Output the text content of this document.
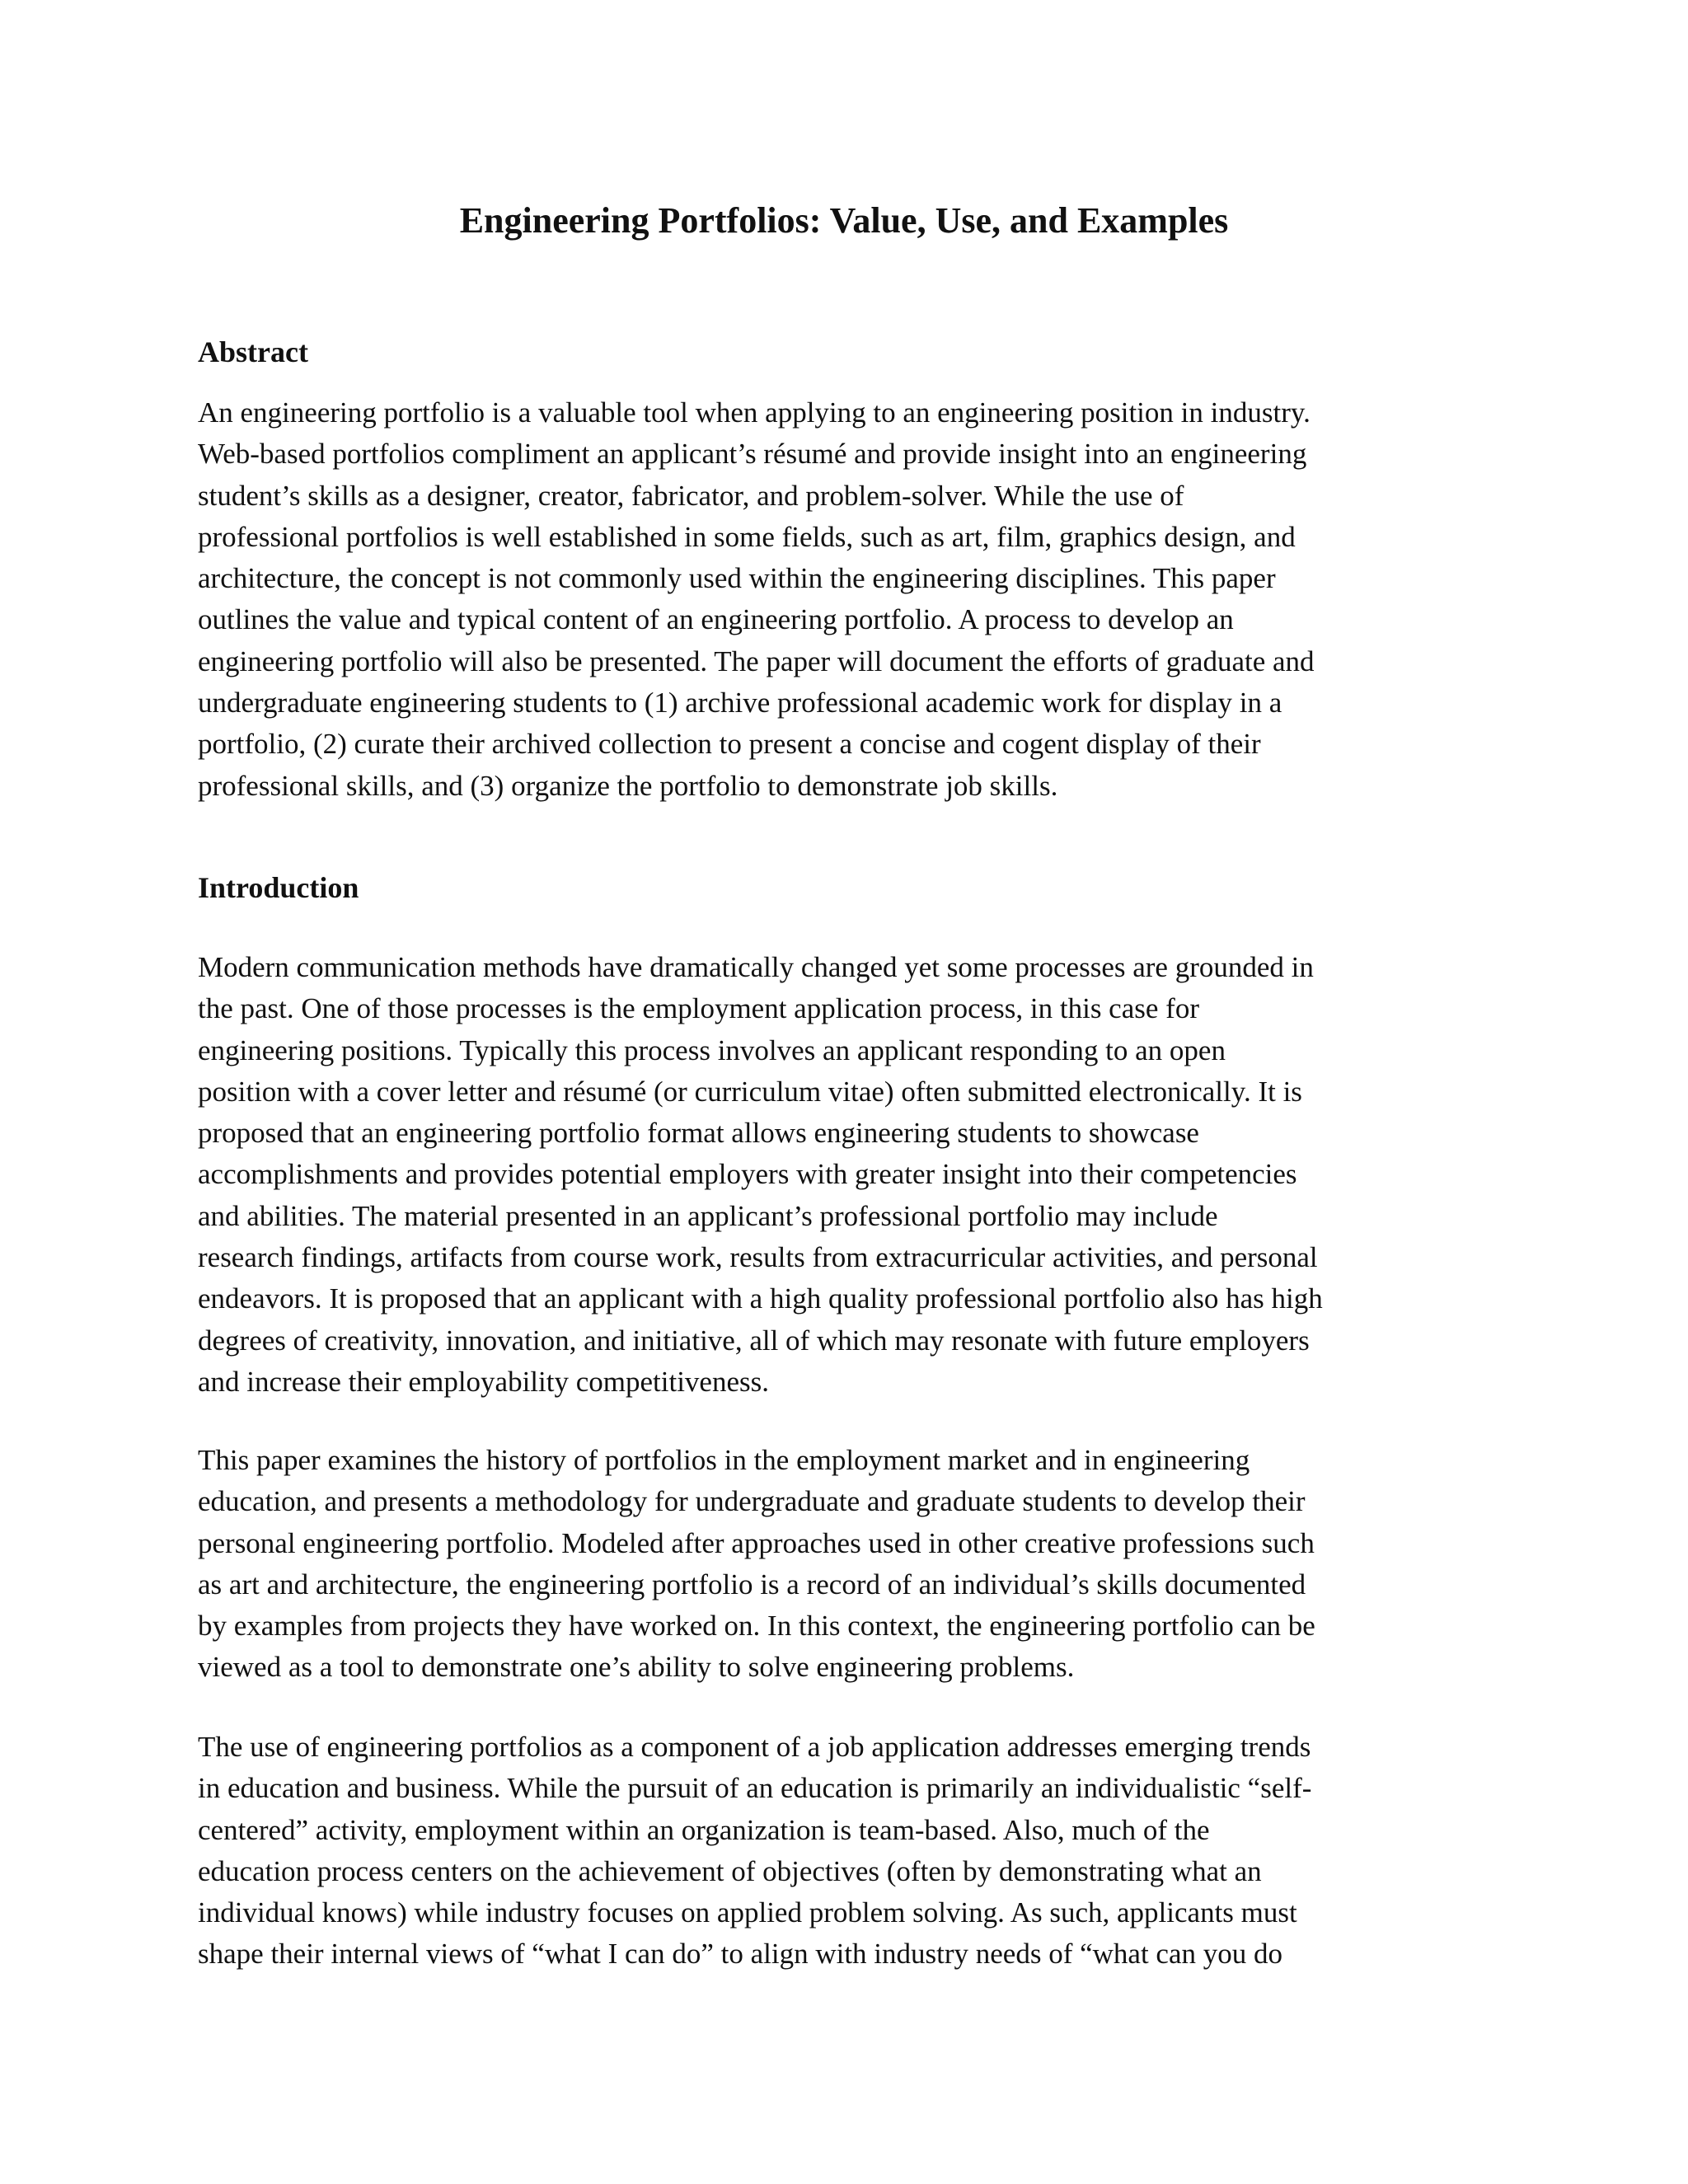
Engineering Portfolios: Value, Use, and Examples
Abstract
An engineering portfolio is a valuable tool when applying to an engineering position in industry.
Web-based portfolios compliment an applicant’s résumé and provide insight into an engineering
student’s skills as a designer, creator, fabricator, and problem-solver. While the use of
professional portfolios is well established in some fields, such as art, film, graphics design, and
architecture, the concept is not commonly used within the engineering disciplines. This paper
outlines the value and typical content of an engineering portfolio. A process to develop an
engineering portfolio will also be presented. The paper will document the efforts of graduate and
undergraduate engineering students to (1) archive professional academic work for display in a
portfolio, (2) curate their archived collection to present a concise and cogent display of their
professional skills, and (3) organize the portfolio to demonstrate job skills.
Introduction
Modern communication methods have dramatically changed yet some processes are grounded in
the past. One of those processes is the employment application process, in this case for
engineering positions. Typically this process involves an applicant responding to an open
position with a cover letter and résumé (or curriculum vitae) often submitted electronically. It is
proposed that an engineering portfolio format allows engineering students to showcase
accomplishments and provides potential employers with greater insight into their competencies
and abilities. The material presented in an applicant’s professional portfolio may include
research findings, artifacts from course work, results from extracurricular activities, and personal
endeavors. It is proposed that an applicant with a high quality professional portfolio also has high
degrees of creativity, innovation, and initiative, all of which may resonate with future employers
and increase their employability competitiveness.
This paper examines the history of portfolios in the employment market and in engineering
education, and presents a methodology for undergraduate and graduate students to develop their
personal engineering portfolio. Modeled after approaches used in other creative professions such
as art and architecture, the engineering portfolio is a record of an individual’s skills documented
by examples from projects they have worked on. In this context, the engineering portfolio can be
viewed as a tool to demonstrate one’s ability to solve engineering problems.
The use of engineering portfolios as a component of a job application addresses emerging trends
in education and business. While the pursuit of an education is primarily an individualistic “self-
centered” activity, employment within an organization is team-based. Also, much of the
education process centers on the achievement of objectives (often by demonstrating what an
individual knows) while industry focuses on applied problem solving. As such, applicants must
shape their internal views of “what I can do” to align with industry needs of “what can you do
